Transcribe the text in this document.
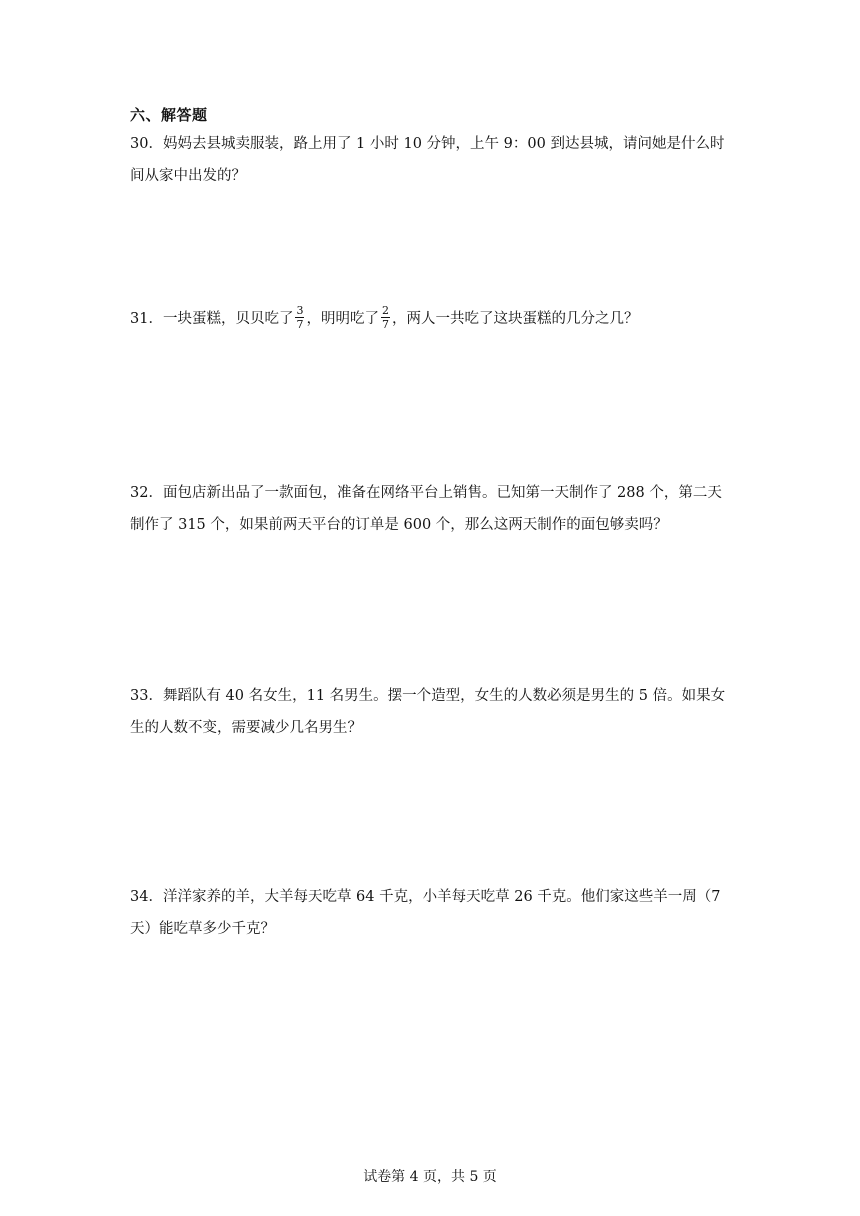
六、解答题
30．妈妈去县城卖服装，路上用了 1 小时 10 分钟，上午 9：00 到达县城，请问她是什么时
间从家中出发的？
31．一块蛋糕，贝贝吃了 $\frac{3}{7}$ ，明明吃了 $\frac{2}{7}$ ，两人一共吃了这块蛋糕的几分之几？
32．面包店新出品了一款面包，准备在网络平台上销售。已知第一天制作了 288 个，第二天
制作了 315 个，如果前两天平台的订单是 600 个，那么这两天制作的面包够卖吗？
33．舞蹈队有 40 名女生，11 名男生。摆一个造型，女生的人数必须是男生的 5 倍。如果女
生的人数不变，需要减少几名男生？
34．洋洋家养的羊，大羊每天吃草 64 千克，小羊每天吃草 26 千克。他们家这些羊一周（7
天）能吃草多少千克？
试卷第 4 页，共 5 页
